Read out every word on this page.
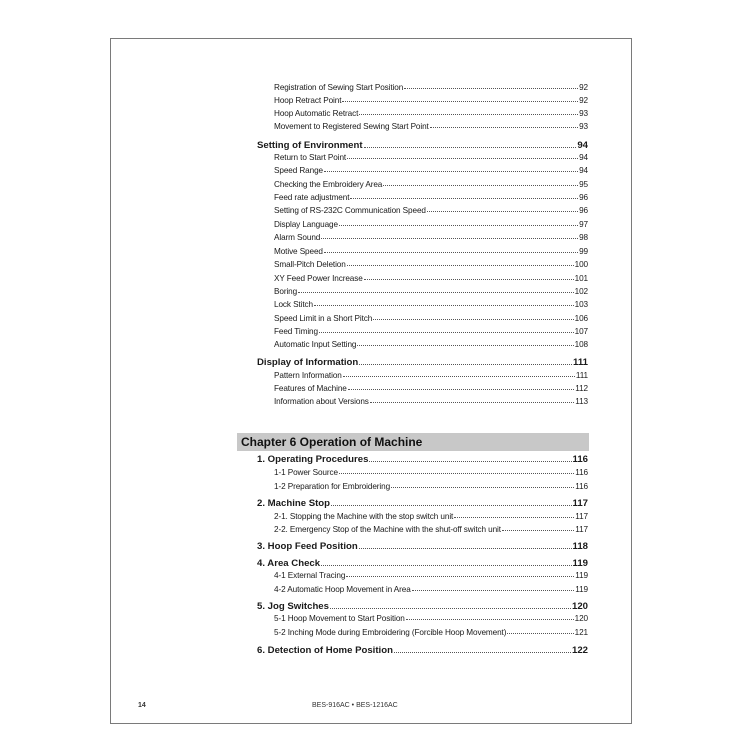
Registration of Sewing Start Position	92
Hoop Retract Point	92
Hoop Automatic Retract	93
Movement to Registered Sewing Start Point	93
Setting of Environment	94
Return to Start Point	94
Speed Range	94
Checking the Embroidery Area	95
Feed rate adjustment	96
Setting of RS-232C Communication Speed	96
Display Language	97
Alarm Sound	98
Motive Speed	99
Small-Pitch Deletion	100
XY Feed Power Increase	101
Boring	102
Lock Stitch	103
Speed Limit in a Short Pitch	106
Feed Timing	107
Automatic Input Setting	108
Display of Information	111
Pattern Information	111
Features of Machine	112
Information about Versions	113
Chapter 6 Operation of Machine
1. Operating Procedures	116
1-1 Power Source	116
1-2 Preparation for Embroidering	116
2. Machine Stop	117
2-1. Stopping the Machine with the stop switch unit	117
2-2. Emergency Stop of the Machine with the shut-off switch unit	117
3. Hoop Feed Position	118
4. Area Check	119
4-1 External Tracing	119
4-2 Automatic Hoop Movement in Area	119
5. Jog Switches	120
5-1 Hoop Movement to Start Position	120
5-2 Inching Mode during Embroidering (Forcible Hoop Movement)	121
6. Detection of Home Position	122
14	BES-916AC • BES-1216AC
